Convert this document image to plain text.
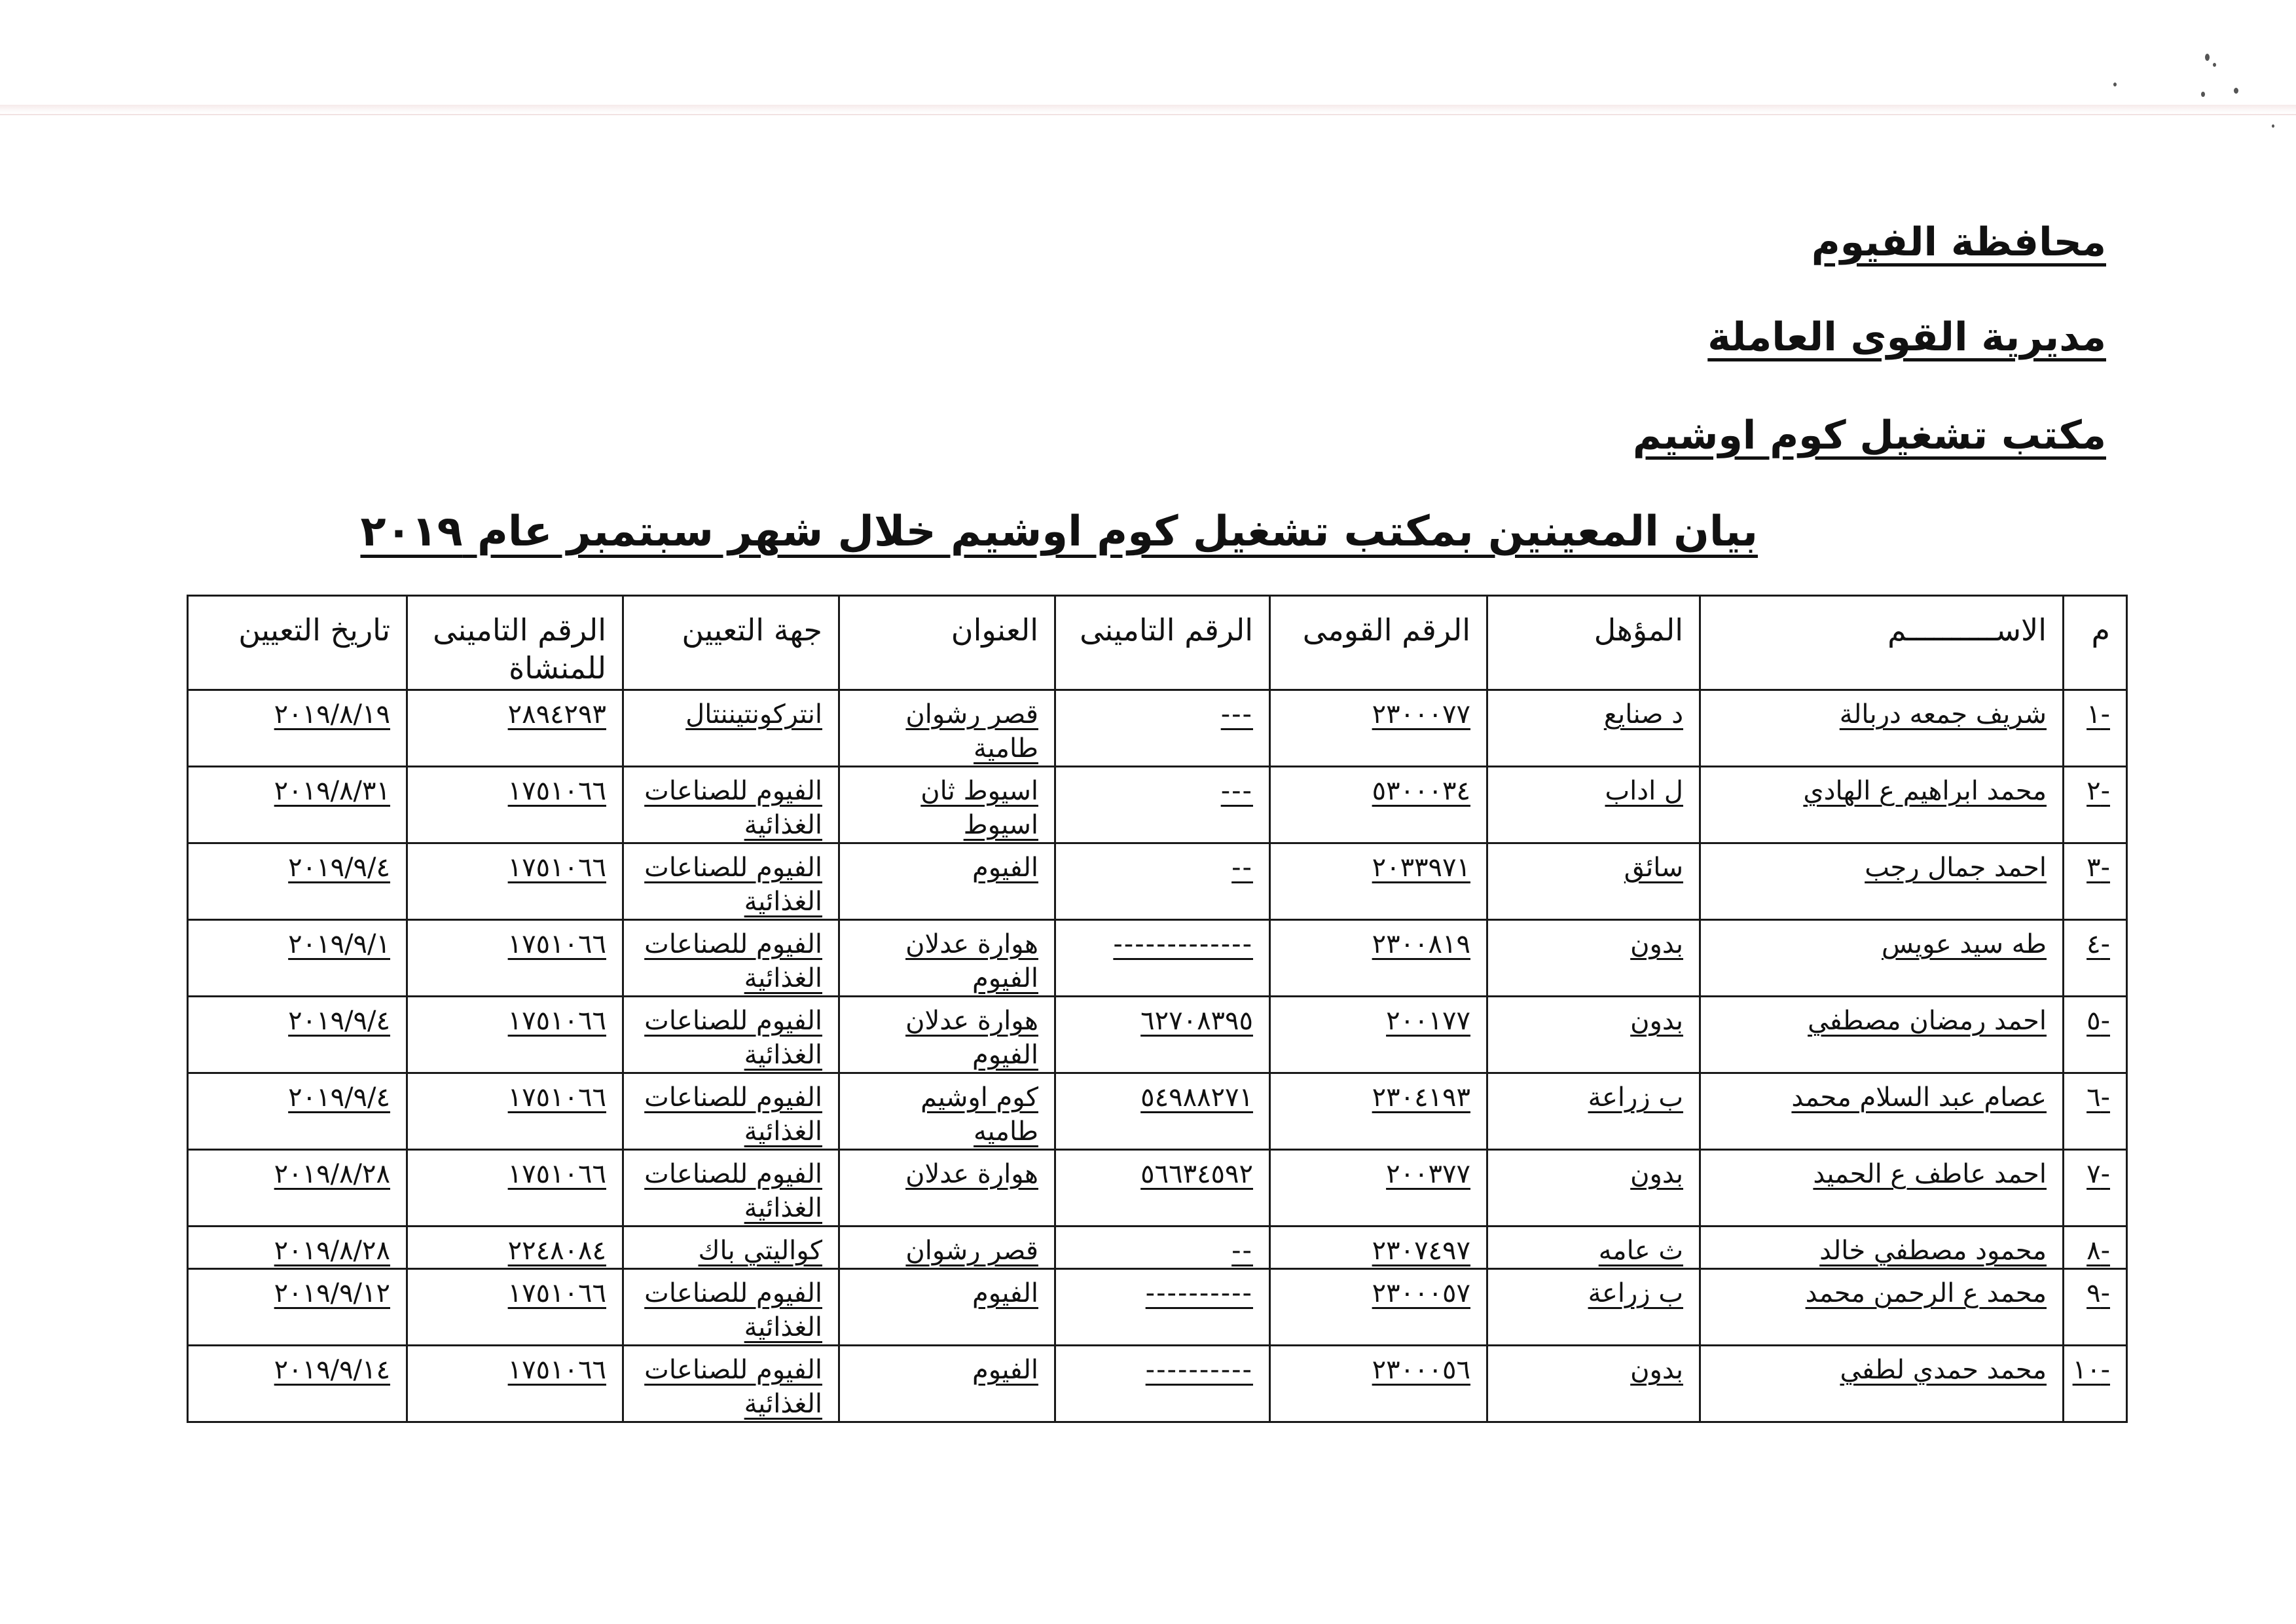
محافظة الفيوم
مديرية القوى العاملة
مكتب تشغيل كوم اوشيم
بيان المعينين بمكتب تشغيل كوم اوشيم خلال شهر سبتمبر عام ٢٠١٩
م	الاســــــــــم	المؤهل	الرقم القومى	الرقم التامينى	العنوان	جهة التعيين	الرقم التامينى للمنشاة	تاريخ التعيين
-١	شريف جمعه دربالة	د صنايع	٢٣٠٠٠٧٧	---	قصر رشوان طامية	انتركونتيننتال	٢٨٩٤٢٩٣	٢٠١٩/٨/١٩
-٢	محمد ابراهيم ع الهادي	ل اداب	٥٣٠٠٠٣٤	---	اسيوط ثان اسيوط	الفيوم للصناعات الغذائية	١٧٥١٠٦٦	٢٠١٩/٨/٣١
-٣	احمد جمال رجب	سائق	٢٠٣٣٩٧١	--	الفيوم	الفيوم للصناعات الغذائية	١٧٥١٠٦٦	٢٠١٩/٩/٤
-٤	طه سيد عويس	بدون	٢٣٠٠٨١٩	-------------	هوارة عدلان الفيوم	الفيوم للصناعات الغذائية	١٧٥١٠٦٦	٢٠١٩/٩/١
-٥	احمد رمضان مصطفي	بدون	٢٠٠١٧٧	٦٢٧٠٨٣٩٥	هوارة عدلان الفيوم	الفيوم للصناعات الغذائية	١٧٥١٠٦٦	٢٠١٩/٩/٤
-٦	عصام عبد السلام محمد	ب زراعة	٢٣٠٤١٩٣	٥٤٩٨٨٢٧١	كوم اوشيم طاميه	الفيوم للصناعات الغذائية	١٧٥١٠٦٦	٢٠١٩/٩/٤
-٧	احمد عاطف ع الحميد	بدون	٢٠٠٣٧٧	٥٦٦٣٤٥٩٢	هوارة عدلان	الفيوم للصناعات الغذائية	١٧٥١٠٦٦	٢٠١٩/٨/٢٨
-٨	محمود مصطفي خالد	ث عامه	٢٣٠٧٤٩٧	--	قصر رشوان	كواليتي باك	٢٢٤٨٠٨٤	٢٠١٩/٨/٢٨
-٩	محمد ع الرحمن محمد	ب زراعة	٢٣٠٠٠٥٧	----------	الفيوم	الفيوم للصناعات الغذائية	١٧٥١٠٦٦	٢٠١٩/٩/١٢
-١٠	محمد حمدي لطفي	بدون	٢٣٠٠٠٥٦	----------	الفيوم	الفيوم للصناعات الغذائية	١٧٥١٠٦٦	٢٠١٩/٩/١٤
